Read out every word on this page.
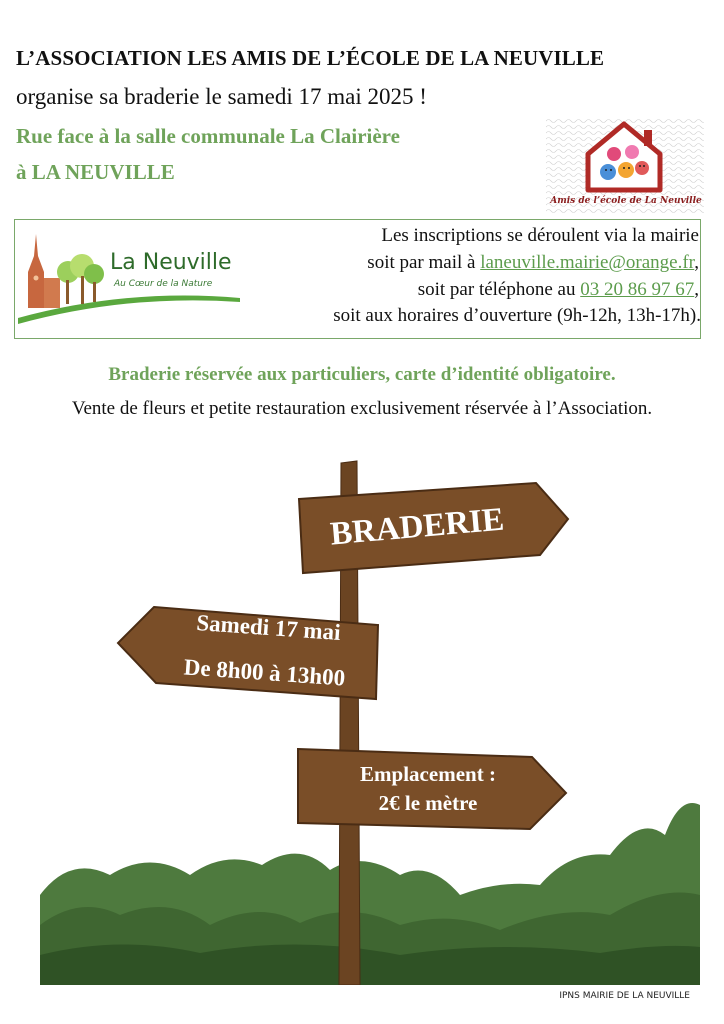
L’ASSOCIATION LES AMIS DE L’ÉCOLE DE LA NEUVILLE
organise sa braderie le samedi 17 mai 2025 !
Rue face à la salle communale La Clairière
à LA NEUVILLE
Amis de l’école de La Neuville
La Neuville
Au Cœur de la Nature
Les inscriptions se déroulent via la mairie
soit par mail à laneuville.mairie@orange.fr,
soit par téléphone au 03 20 86 97 67,
soit aux horaires d’ouverture (9h-12h, 13h-17h).
Braderie réservée aux particuliers, carte d’identité obligatoire.
Vente de fleurs et petite restauration exclusivement réservée à l’Association.
BRADERIE
Samedi 17 mai
De 8h00 à 13h00
Emplacement :
2€ le mètre
IPNS MAIRIE DE LA NEUVILLE
